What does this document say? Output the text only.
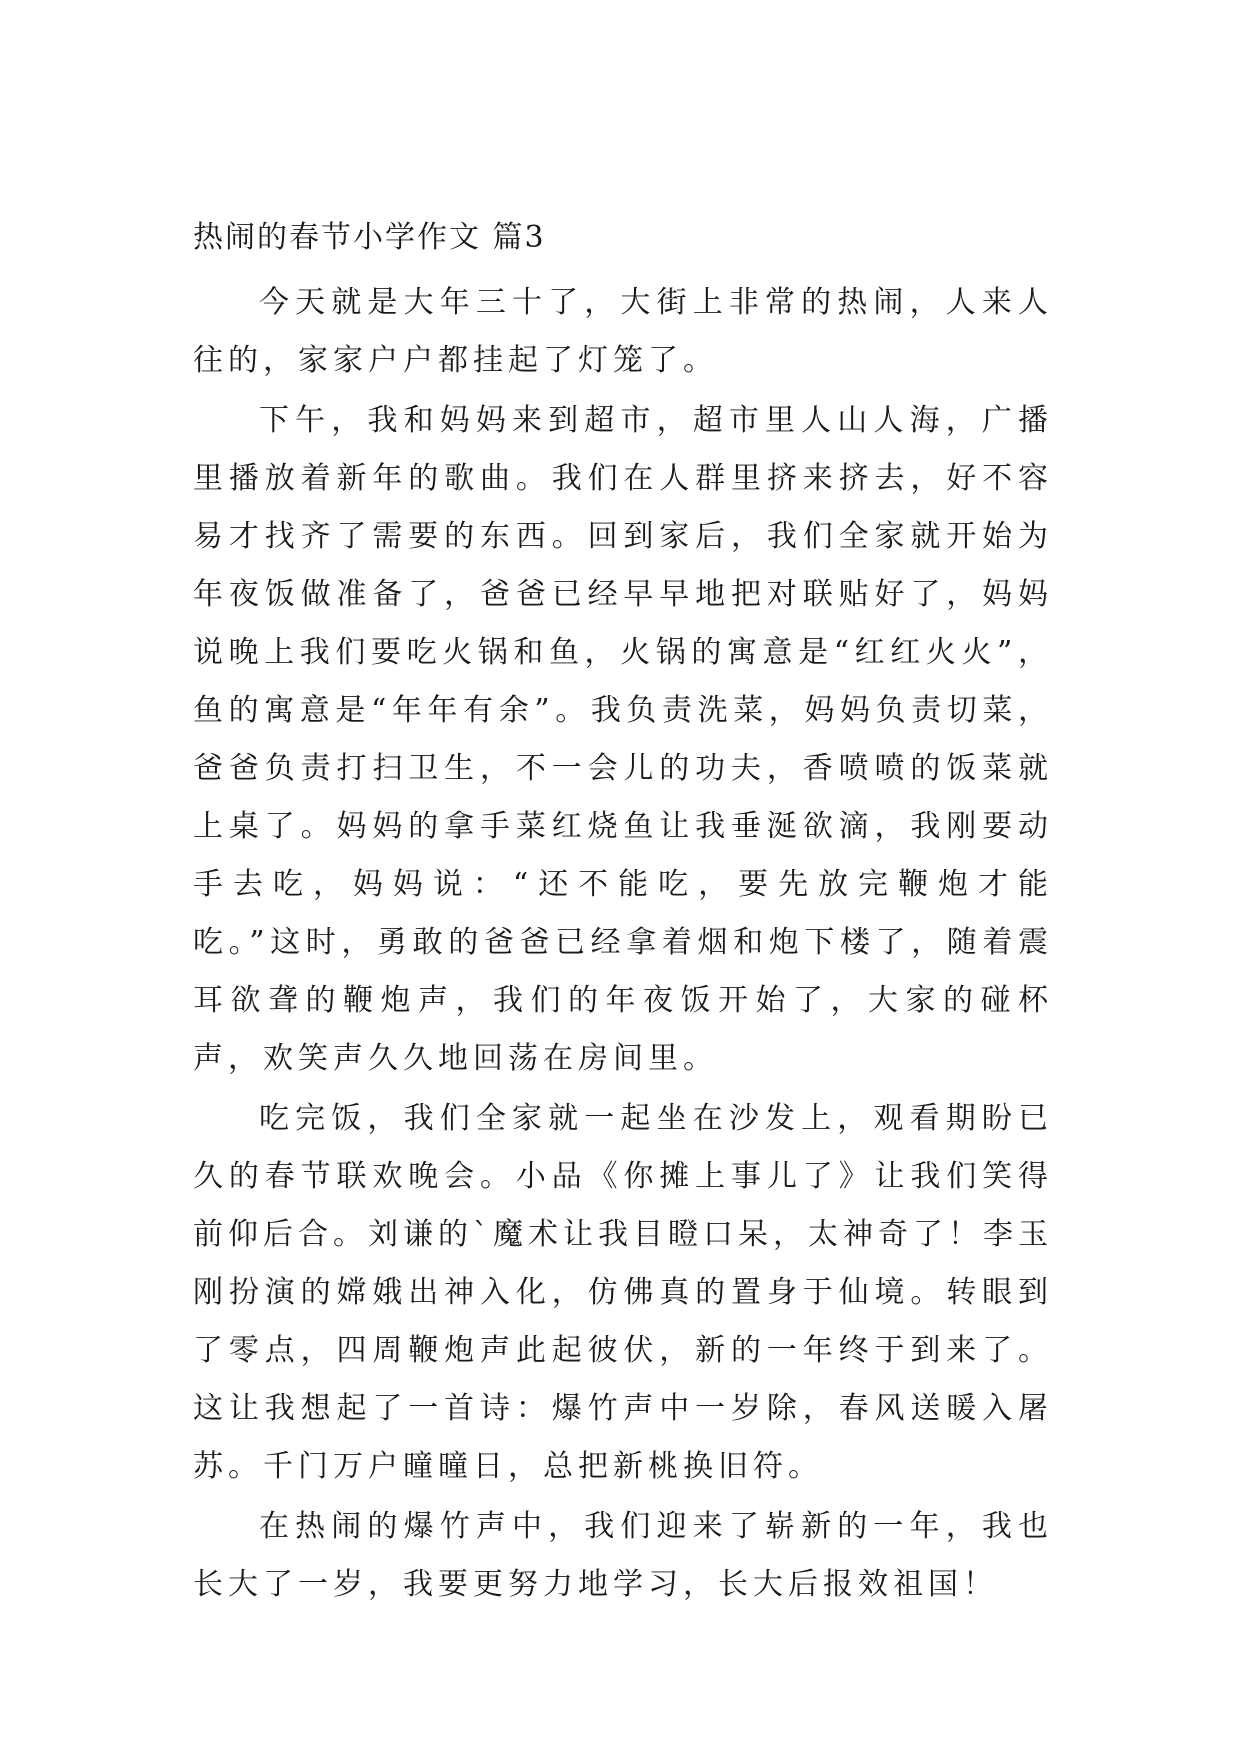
热闹的春节小学作文 篇3

今天就是大年三十了，大街上非常的热闹，人来人往的，家家户户都挂起了灯笼了。

下午，我和妈妈来到超市，超市里人山人海，广播里播放着新年的歌曲。我们在人群里挤来挤去，好不容易才找齐了需要的东西。回到家后，我们全家就开始为年夜饭做准备了，爸爸已经早早地把对联贴好了，妈妈说晚上我们要吃火锅和鱼，火锅的寓意是“红红火火”，鱼的寓意是“年年有余”。我负责洗菜，妈妈负责切菜，爸爸负责打扫卫生，不一会儿的功夫，香喷喷的饭菜就上桌了。妈妈的拿手菜红烧鱼让我垂涎欲滴，我刚要动手去吃，妈妈说：“还不能吃，要先放完鞭炮才能吃。”这时，勇敢的爸爸已经拿着烟和炮下楼了，随着震耳欲聋的鞭炮声，我们的年夜饭开始了，大家的碰杯声，欢笑声久久地回荡在房间里。

吃完饭，我们全家就一起坐在沙发上，观看期盼已久的春节联欢晚会。小品《你摊上事儿了》让我们笑得前仰后合。刘谦的`魔术让我目瞪口呆，太神奇了！李玉刚扮演的嫦娥出神入化，仿佛真的置身于仙境。转眼到了零点，四周鞭炮声此起彼伏，新的一年终于到来了。这让我想起了一首诗：爆竹声中一岁除，春风送暖入屠苏。千门万户曈曈日，总把新桃换旧符。

在热闹的爆竹声中，我们迎来了崭新的一年，我也长大了一岁，我要更努力地学习，长大后报效祖国！
